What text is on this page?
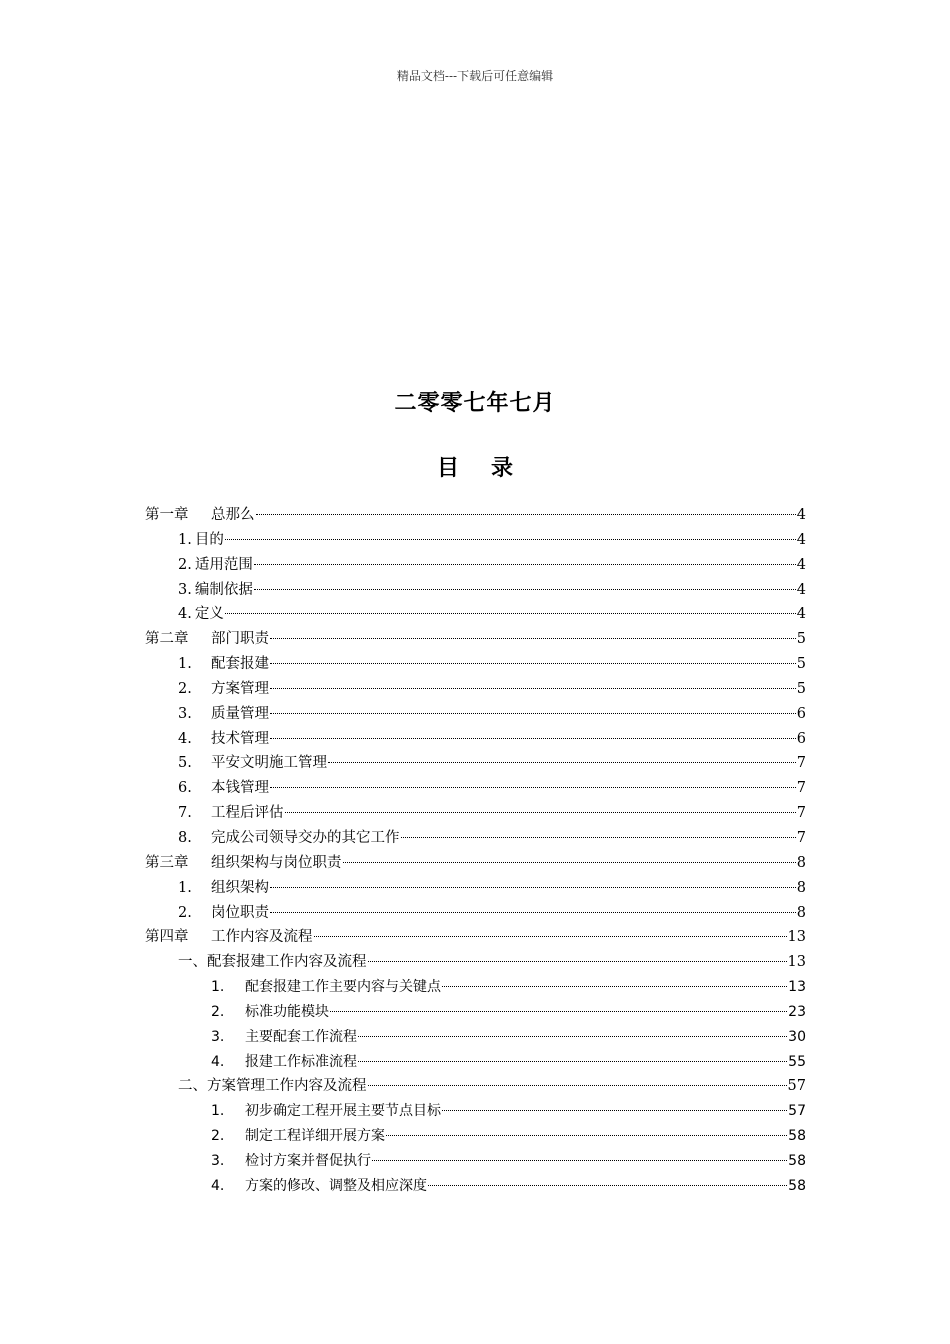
精品文档---下载后可任意编辑
二零零七年七月
目 录
第一章	总那么	4
1. 目的	4
2. 适用范围	4
3. 编制依据	4
4. 定义	4
第二章	部门职责	5
1.	配套报建	5
2.	方案管理	5
3.	质量管理	6
4.	技术管理	6
5.	平安文明施工管理	7
6.	本钱管理	7
7.	工程后评估	7
8.	完成公司领导交办的其它工作	7
第三章	组织架构与岗位职责	8
1.	组织架构	8
2.	岗位职责	8
第四章	工作内容及流程	13
一、配套报建工作内容及流程	13
1.	配套报建工作主要内容与关键点	13
2.	标准功能模块	23
3.	主要配套工作流程	30
4.	报建工作标准流程	55
二、方案管理工作内容及流程	57
1.	初步确定工程开展主要节点目标	57
2.	制定工程详细开展方案	58
3.	检讨方案并督促执行	58
4.	方案的修改、调整及相应深度	58
